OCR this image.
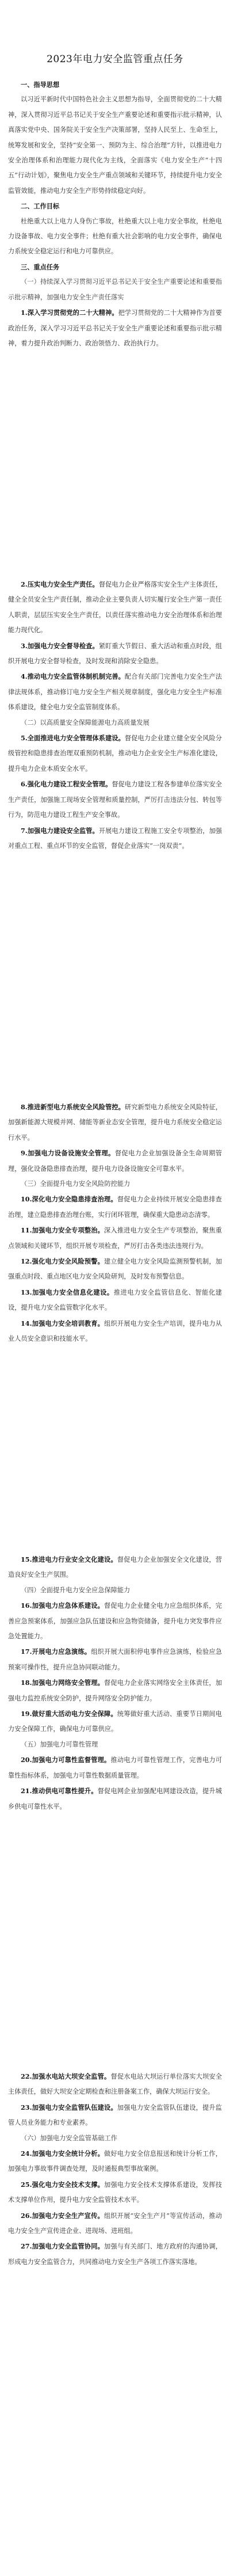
2023年电力安全监管重点任务

一、指导思想

以习近平新时代中国特色社会主义思想为指导，全面贯彻党的二十大精神，深入贯彻习近平总书记关于安全生产重要论述和重要指示批示精神，认真落实党中央、国务院关于安全生产决策部署，坚持人民至上、生命至上，统筹发展和安全，坚持“安全第一、预防为主、综合治理”方针，以推进电力安全治理体系和治理能力现代化为主线，全面落实《电力安全生产“十四五”行动计划》，聚焦电力安全生产重点领域和关键环节，持续提升电力安全监管效能，推动电力安全生产形势持续稳定向好。

二、工作目标

杜绝重大以上电力人身伤亡事故，杜绝重大以上电力安全事故，杜绝电力设备事故、电力安全事件；杜绝有重大社会影响的电力安全事件，确保电力系统安全稳定运行和电力可靠供应。

三、重点任务

（一）持续深入学习贯彻习近平总书记关于安全生产重要论述和重要指示批示精神，加强电力安全生产责任落实

1.深入学习贯彻党的二十大精神。把学习贯彻党的二十大精神作为首要政治任务，深入学习习近平总书记关于安全生产重要论述和重要指示批示精神，着力提升政治判断力、政治领悟力、政治执行力。

2.压实电力安全生产责任。督促电力企业严格落实安全生产主体责任，健全全员安全生产责任制，推动企业主要负责人切实履行安全生产第一责任人职责，层层压实安全生产责任，以责任落实推动电力安全治理体系和治理能力现代化。

3.加强电力安全督导检查。紧盯重大节假日、重大活动和重点时段，组织开展电力安全督导检查，及时发现和消除安全隐患。

4.推动电力安全监管体制机制完善。配合有关部门完善电力安全生产法律法规体系，推动修订电力安全生产相关规章制度，强化电力安全生产标准体系建设，健全电力安全监管制度体系。

（二）以高质量安全保障能源电力高质量发展

5.全面推进电力安全管理体系建设。督促电力企业建立健全安全风险分级管控和隐患排查治理双重预防机制，推动电力企业安全生产标准化建设，提升电力企业本质安全水平。

6.强化电力建设工程安全管理。督促电力建设工程各参建单位落实安全生产责任，加强施工现场安全管理和质量控制，严厉打击违法分包、转包等行为，防范电力建设工程生产安全事故。

7.加强电力建设安全监管。开展电力建设工程施工安全专项整治，加强对重点工程、重点环节的安全监管，督促企业落实“一岗双责”。

8.推进新型电力系统安全风险管控。研究新型电力系统安全风险特征，加强新能源大规模并网、储能等新业态安全管理，提升电力系统安全稳定运行水平。

9.加强电力设备设施安全管理。督促电力企业加强设备全生命周期管理，强化设备隐患排查治理，提升电力设备设施安全可靠水平。

（三）全面提升电力安全风险防控能力

10.深化电力安全隐患排查治理。督促电力企业持续开展安全隐患排查治理，建立隐患排查治理台账，实行闭环管理，确保重大隐患动态清零。

11.加强电力安全专项整治。深入推进电力安全生产专项整治，聚焦重点领域和关键环节，组织开展专项检查，严厉打击各类违法违规行为。

12.强化电力安全风险预警。建立健全电力安全风险监测预警机制，加强重点时段、重点地区电力安全风险研判，及时发布预警信息。

13.加强电力安全信息化建设。推进电力安全监管信息化、智能化建设，提升电力安全监管数字化水平。

14.加强电力安全培训教育。组织开展电力安全生产培训，提升电力从业人员安全意识和技能水平。

15.推进电力行业安全文化建设。督促电力企业加强安全文化建设，营造良好安全生产氛围。

（四）全面提升电力安全应急保障能力

16.加强电力应急体系建设。督促电力企业健全电力应急组织体系，完善应急预案体系，加强应急队伍建设和应急物资储备，提升电力突发事件应急处置能力。

17.开展电力应急演练。组织开展大面积停电事件应急演练，检验应急预案可操作性，提升应急协同联动能力。

18.加强电力网络安全管理。督促电力企业落实网络安全主体责任，加强电力监控系统安全防护，提升网络安全防护能力。

19.做好重大活动电力安全保障。统筹做好重大活动、重要节日期间电力安全保障工作，确保电力可靠供应。

（五）加强电力可靠性管理

20.加强电力可靠性监督管理。推动电力可靠性管理工作，完善电力可靠性指标体系，加强电力可靠性数据质量管理。

21.推动供电可靠性提升。督促电网企业加强配电网建设改造，提升城乡供电可靠性水平。

22.加强水电站大坝安全监管。督促水电站大坝运行单位落实大坝安全主体责任，做好大坝安全定期检查和注册备案工作，确保大坝运行安全。

23.加强电力安全监管队伍建设。加强电力安全监管队伍建设，提升监管人员业务能力和专业素养。

（六）加强电力安全监管基础工作

24.加强电力安全统计分析。做好电力安全信息报送和统计分析工作，加强电力事故事件调查处理，及时通报典型事故案例。

25.强化电力安全技术支撑。加强电力安全技术支撑体系建设，发挥技术支撑单位作用，提升电力安全监管技术水平。

26.加强电力安全生产宣传。组织开展“安全生产月”等宣传活动，推动电力安全生产宣传进企业、进现场、进班组。

27.加强电力安全监管协同。加强与有关部门、地方政府的沟通协调，形成电力安全监管合力，共同推动电力安全生产各项工作落实落地。
